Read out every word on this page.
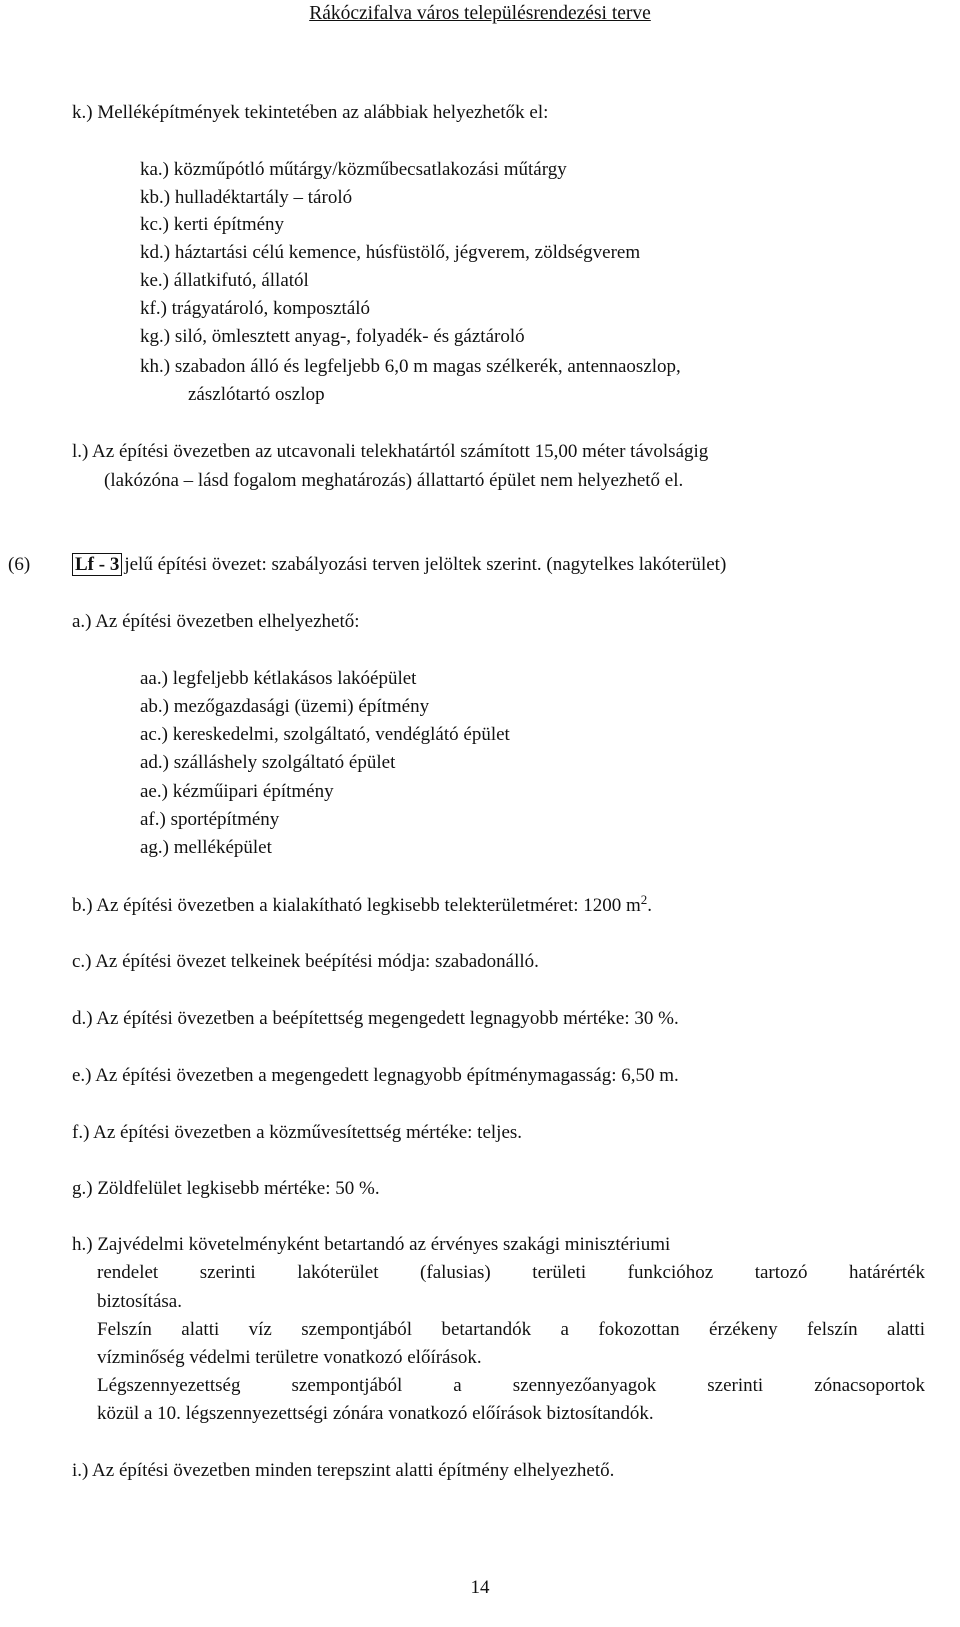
Rákóczifalva város településrendezési terve
k.) Melléképítmények tekintetében az alábbiak helyezhetők el:
ka.) közműpótló műtárgy/közműbecsatlakozási műtárgy
kb.) hulladéktartály – tároló
kc.) kerti építmény
kd.) háztartási célú kemence, húsfüstölő, jégverem, zöldségverem
ke.) állatkifutó, állatól
kf.) trágyatároló, komposztáló
kg.) siló, ömlesztett anyag-, folyadék- és gáztároló
kh.) szabadon álló és legfeljebb 6,0 m magas szélkerék, antennaoszlop,
zászlótartó oszlop
l.) Az építési övezetben az utcavonali telekhatártól számított 15,00 méter távolságig
(lakózóna – lásd fogalom meghatározás) állattartó épület nem helyezhető el.
(6) Lf - 3 jelű építési övezet: szabályozási terven jelöltek szerint. (nagytelkes lakóterület)
a.) Az építési övezetben elhelyezhető:
aa.) legfeljebb kétlakásos lakóépület
ab.) mezőgazdasági (üzemi) építmény
ac.) kereskedelmi, szolgáltató, vendéglátó épület
ad.) szálláshely szolgáltató épület
ae.) kézműipari építmény
af.) sportépítmény
ag.) melléképület
b.) Az építési övezetben a kialakítható legkisebb telekterületméret: 1200 $m^2$.
c.) Az építési övezet telkeinek beépítési módja: szabadonálló.
d.) Az építési övezetben a beépítettség megengedett legnagyobb mértéke: 30 %.
e.) Az építési övezetben a megengedett legnagyobb építménymagasság: 6,50 m.
f.) Az építési övezetben a közművesítettség mértéke: teljes.
g.) Zöldfelület legkisebb mértéke: 50 %.
h.) Zajvédelmi követelményként betartandó az érvényes szakági minisztériumi
rendelet szerinti lakóterület (falusias) területi funkcióhoz tartozó határérték
biztosítása.
Felszín alatti víz szempontjából betartandók a fokozottan érzékeny felszín alatti
vízminőség védelmi területre vonatkozó előírások.
Légszennyezettség szempontjából a szennyezőanyagok szerinti zónacsoportok
közül a 10. légszennyezettségi zónára vonatkozó előírások biztosítandók.
i.) Az építési övezetben minden terepszint alatti építmény elhelyezhető.
14
